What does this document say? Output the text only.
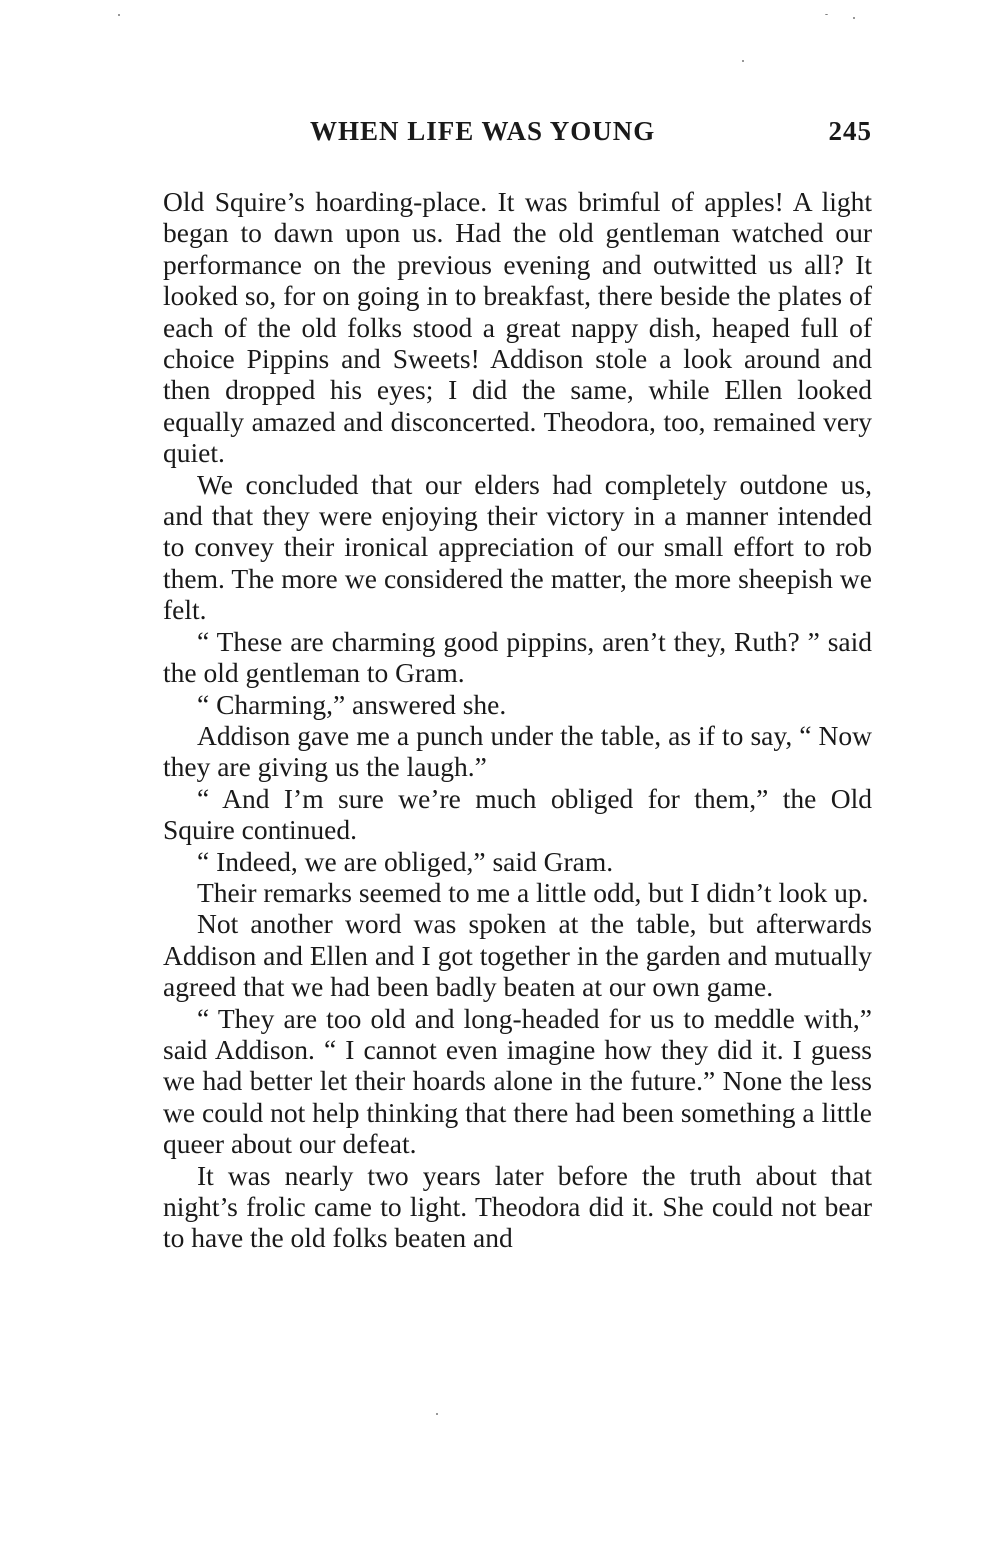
WHEN LIFE WAS YOUNG	245

Old Squire’s hoarding-place. It was brimful of apples! A light began to dawn upon us. Had the old gentleman watched our performance on the previous evening and outwitted us all? It looked so, for on going in to breakfast, there beside the plates of each of the old folks stood a great nappy dish, heaped full of choice Pippins and Sweets! Addison stole a look around and then dropped his eyes; I did the same, while Ellen looked equally amazed and disconcerted. Theodora, too, remained very quiet.

We concluded that our elders had completely outdone us, and that they were enjoying their victory in a manner intended to convey their ironical appreciation of our small effort to rob them. The more we considered the matter, the more sheepish we felt.

“ These are charming good pippins, aren’t they, Ruth? ” said the old gentleman to Gram.

“ Charming,” answered she.

Addison gave me a punch under the table, as if to say, “ Now they are giving us the laugh.”

“ And I’m sure we’re much obliged for them,” the Old Squire continued.

“ Indeed, we are obliged,” said Gram.

Their remarks seemed to me a little odd, but I didn’t look up.

Not another word was spoken at the table, but afterwards Addison and Ellen and I got together in the garden and mutually agreed that we had been badly beaten at our own game.

“ They are too old and long-headed for us to meddle with,” said Addison. “ I cannot even imagine how they did it. I guess we had better let their hoards alone in the future.” None the less we could not help thinking that there had been something a little queer about our defeat.

It was nearly two years later before the truth about that night’s frolic came to light. Theodora did it. She could not bear to have the old folks beaten and
